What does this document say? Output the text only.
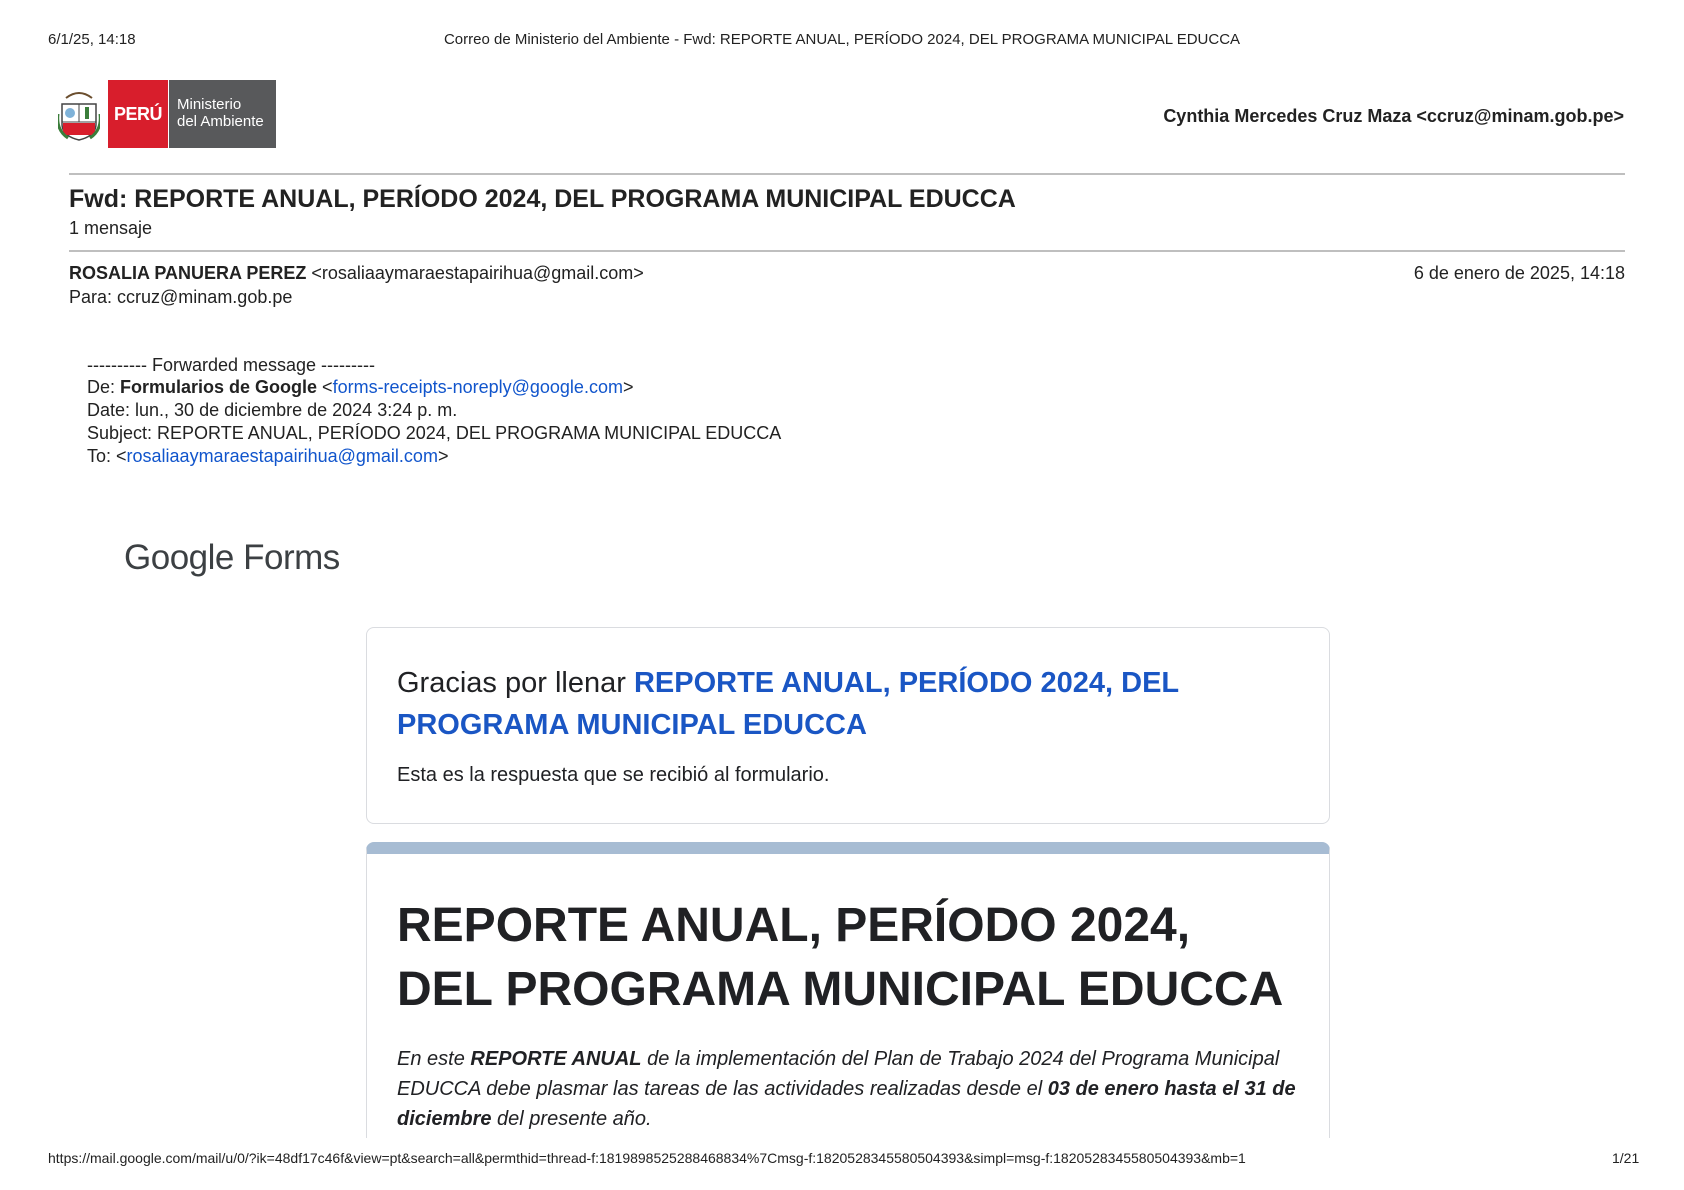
6/1/25, 14:18	Correo de Ministerio del Ambiente - Fwd: REPORTE ANUAL, PERÍODO 2024, DEL PROGRAMA MUNICIPAL EDUCCA
PERÚ	Ministerio
del Ambiente	Cynthia Mercedes Cruz Maza <ccruz@minam.gob.pe>
Fwd: REPORTE ANUAL, PERÍODO 2024, DEL PROGRAMA MUNICIPAL EDUCCA
1 mensaje
ROSALIA PANUERA PEREZ <rosaliaaymaraestapairihua@gmail.com>	6 de enero de 2025, 14:18
Para: ccruz@minam.gob.pe
---------- Forwarded message ---------
De: Formularios de Google <forms-receipts-noreply@google.com>
Date: lun., 30 de diciembre de 2024 3:24 p. m.
Subject: REPORTE ANUAL, PERÍODO 2024, DEL PROGRAMA MUNICIPAL EDUCCA
To: <rosaliaaymaraestapairihua@gmail.com>
Google Forms
Gracias por llenar REPORTE ANUAL, PERÍODO 2024, DEL PROGRAMA MUNICIPAL EDUCCA
Esta es la respuesta que se recibió al formulario.
REPORTE ANUAL, PERÍODO 2024, DEL PROGRAMA MUNICIPAL EDUCCA
En este REPORTE ANUAL de la implementación del Plan de Trabajo 2024 del Programa Municipal EDUCCA debe plasmar las tareas de las actividades realizadas desde el 03 de enero hasta el 31 de diciembre del presente año.
https://mail.google.com/mail/u/0/?ik=48df17c46f&view=pt&search=all&permthid=thread-f:1819898525288468834%7Cmsg-f:1820528345580504393&simpl=msg-f:1820528345580504393&mb=1	1/21
